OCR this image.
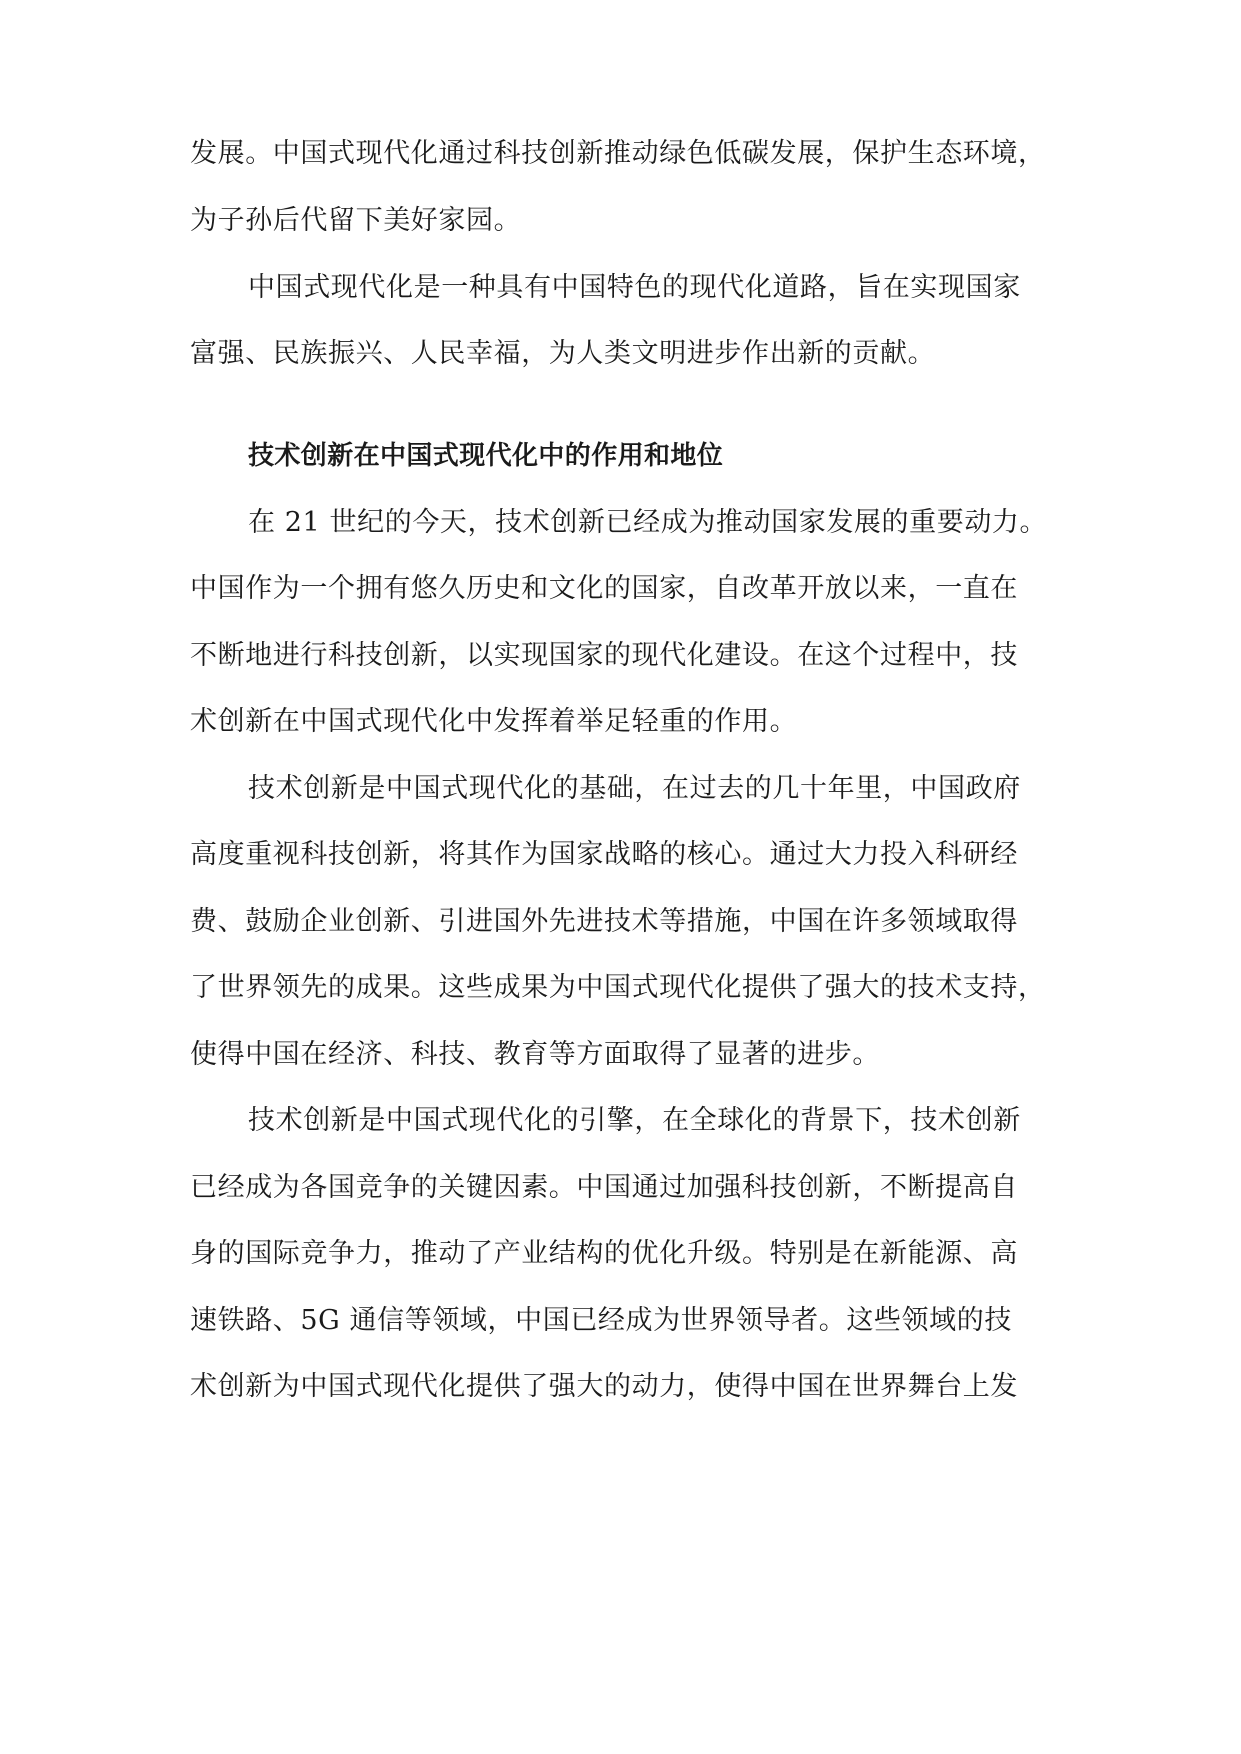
发展。中国式现代化通过科技创新推动绿色低碳发展，保护生态环境，
为子孙后代留下美好家园。
中国式现代化是一种具有中国特色的现代化道路，旨在实现国家
富强、民族振兴、人民幸福，为人类文明进步作出新的贡献。
技术创新在中国式现代化中的作用和地位
在 21 世纪的今天，技术创新已经成为推动国家发展的重要动力。
中国作为一个拥有悠久历史和文化的国家，自改革开放以来，一直在
不断地进行科技创新，以实现国家的现代化建设。在这个过程中，技
术创新在中国式现代化中发挥着举足轻重的作用。
技术创新是中国式现代化的基础，在过去的几十年里，中国政府
高度重视科技创新，将其作为国家战略的核心。通过大力投入科研经
费、鼓励企业创新、引进国外先进技术等措施，中国在许多领域取得
了世界领先的成果。这些成果为中国式现代化提供了强大的技术支持，
使得中国在经济、科技、教育等方面取得了显著的进步。
技术创新是中国式现代化的引擎，在全球化的背景下，技术创新
已经成为各国竞争的关键因素。中国通过加强科技创新，不断提高自
身的国际竞争力，推动了产业结构的优化升级。特别是在新能源、高
速铁路、5G 通信等领域，中国已经成为世界领导者。这些领域的技
术创新为中国式现代化提供了强大的动力，使得中国在世界舞台上发
